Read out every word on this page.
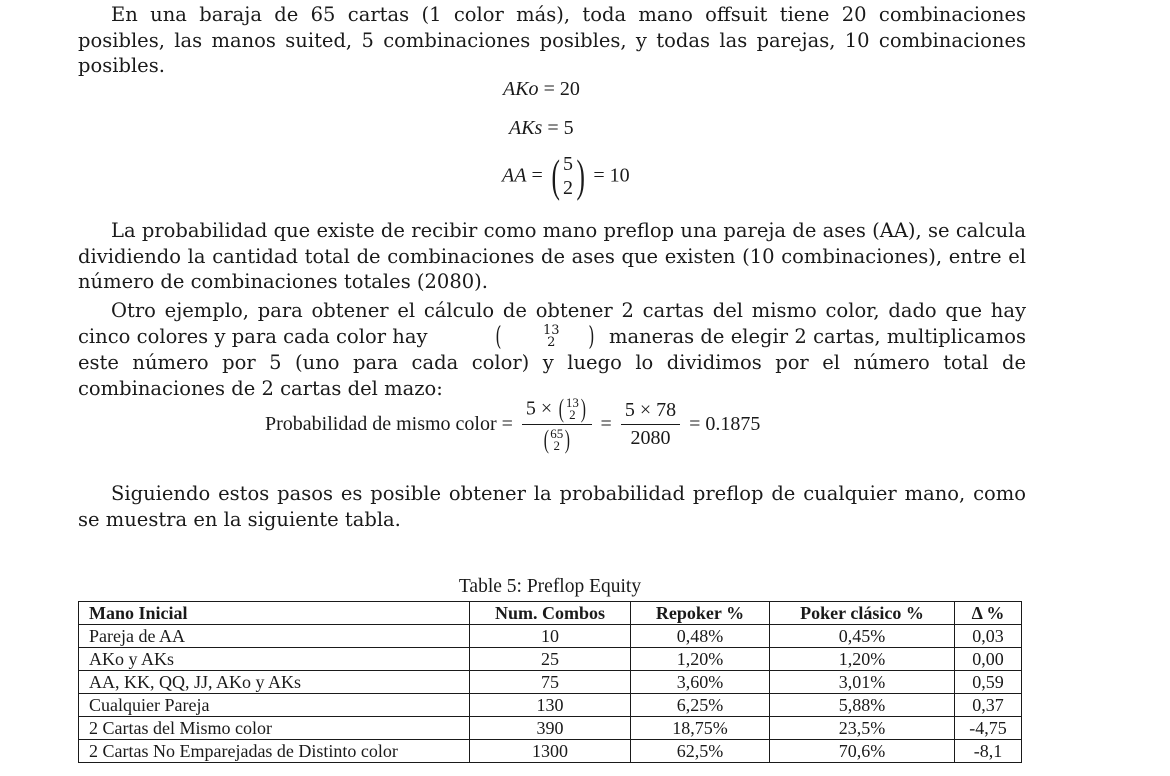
En una baraja de 65 cartas (1 color más), toda mano offsuit tiene 20 combinaciones posibles, las manos suited, 5 combinaciones posibles, y todas las parejas, 10 combinaciones posibles.

AKo = 20
AKs = 5
AA = ( 5
2 ) = 10

La probabilidad que existe de recibir como mano preflop una pareja de ases (AA), se calcula dividiendo la cantidad total de combinaciones de ases que existen (10 combinaciones), entre el número de combinaciones totales (2080).

Otro ejemplo, para obtener el cálculo de obtener 2 cartas del mismo color, dado que hay cinco colores y para cada color hay	(	13
2 ) maneras de elegir 2 cartas, multiplicamos este número por 5 (uno para cada color) y luego lo dividimos por el número total de combinaciones de 2 cartas del mazo:

Probabilidad de mismo color = 5 × ( 13
2 )
( 65
2 ) = $\frac{5 \times 78}{2080} = 0.1875$

Siguiendo estos pasos es posible obtener la probabilidad preflop de cualquier mano, como se muestra en la siguiente tabla.

Table 5: Preflop Equity
Mano Inicial	Num. Combos	Repoker %	Poker clásico %	Δ %
Pareja de AA	10	0,48%	0,45%	0,03
AKo y AKs	25	1,20%	1,20%	0,00
AA, KK, QQ, JJ, AKo y AKs	75	3,60%	3,01%	0,59
Cualquier Pareja	130	6,25%	5,88%	0,37
2 Cartas del Mismo color	390	18,75%	23,5%	-4,75
2 Cartas No Emparejadas de Distinto color	1300	62,5%	70,6%	-8,1
